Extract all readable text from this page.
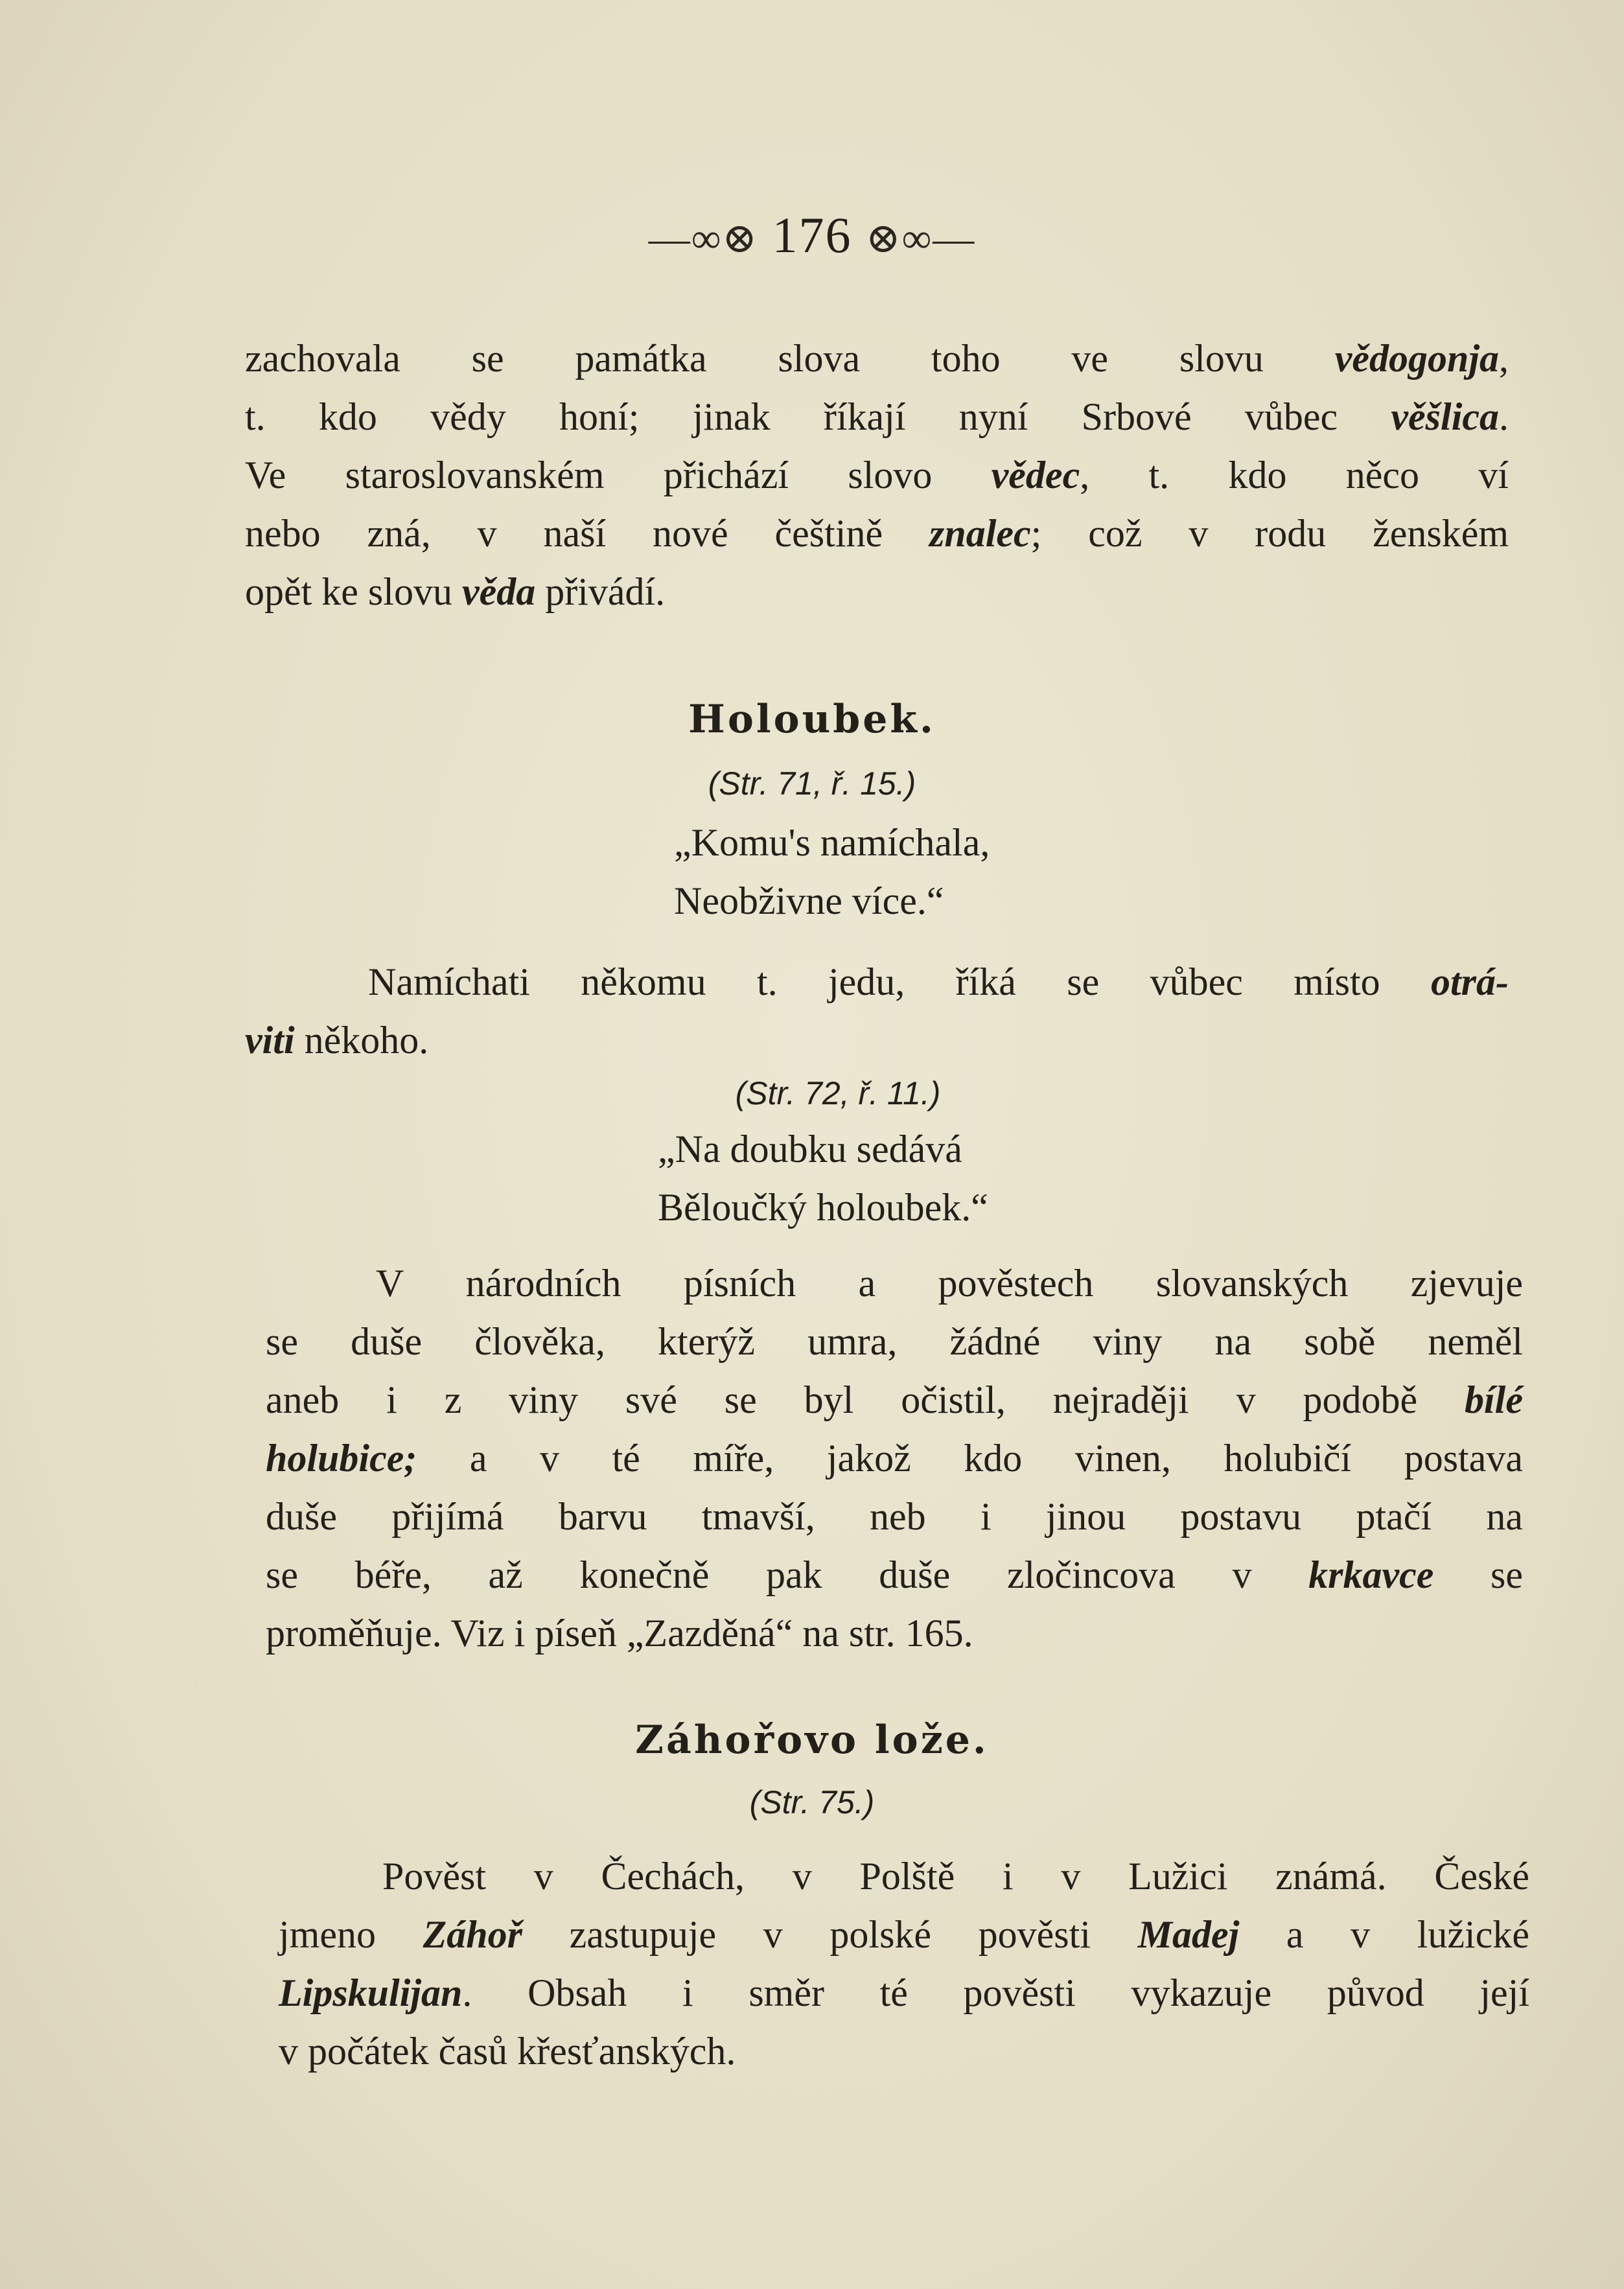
—∞⊗ 176 ⊗∞—
zachovala se památka slova toho ve slovu vědogonja,
t. kdo vědy honí; jinak říkají nyní Srbové vůbec věšlica.
Ve staroslovanském přichází slovo vědec, t. kdo něco ví
nebo zná, v naší nové češtině znalec; což v rodu ženském
opět ke slovu věda přivádí.
Holoubek.
(Str. 71, ř. 15.)
„Komu's namíchala,
Neobživne více.“
Namíchati někomu t. jedu, říká se vůbec místo otrá-
viti někoho.
(Str. 72, ř. 11.)
„Na doubku sedává
Běloučký holoubek.“
V národních písních a pověstech slovanských zjevuje
se duše člověka, kterýž umra, žádné viny na sobě neměl
aneb i z viny své se byl očistil, nejraději v podobě bílé
holubice; a v té míře, jakož kdo vinen, holubičí postava
duše přijímá barvu tmavší, neb i jinou postavu ptačí na
se béře, až konečně pak duše zločincova v krkavce se
proměňuje. Viz i píseň „Zazděná“ na str. 165.
Záhořovo lože.
(Str. 75.)
Pověst v Čechách, v Polště i v Lužici známá. České
jmeno Záhoř zastupuje v polské pověsti Madej a v lužické
Lipskulijan. Obsah i směr té pověsti vykazuje původ její
v počátek časů křesťanských.
